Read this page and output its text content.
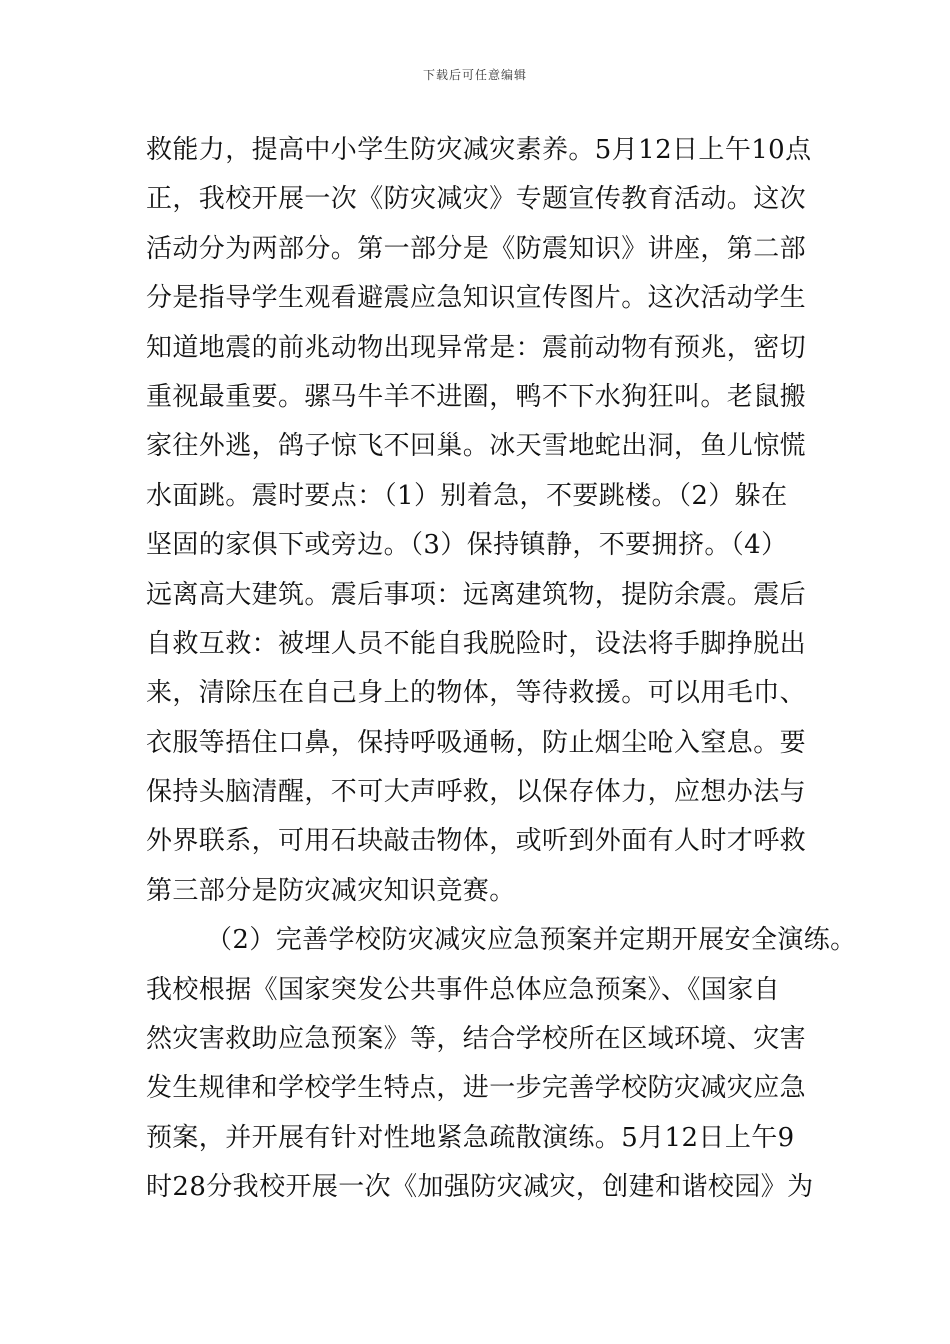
下载后可任意编辑
救能力，提高中小学生防灾减灾素养。5月12日上午10点
正，我校开展一次《防灾减灾》专题宣传教育活动。这次
活动分为两部分。第一部分是《防震知识》讲座，第二部
分是指导学生观看避震应急知识宣传图片。这次活动学生
知道地震的前兆动物出现异常是：震前动物有预兆，密切
重视最重要。骡马牛羊不进圈，鸭不下水狗狂叫。老鼠搬
家往外逃，鸽子惊飞不回巢。冰天雪地蛇出洞，鱼儿惊慌
水面跳。震时要点：（1）别着急，不要跳楼。（2）躲在
坚固的家俱下或旁边。（3）保持镇静，不要拥挤。（4）
远离高大建筑。震后事项：远离建筑物，提防余震。震后
自救互救：被埋人员不能自我脱险时，设法将手脚挣脱出
来，清除压在自己身上的物体，等待救援。可以用毛巾、
衣服等捂住口鼻，保持呼吸通畅，防止烟尘呛入窒息。要
保持头脑清醒，不可大声呼救，以保存体力，应想办法与
外界联系，可用石块敲击物体，或听到外面有人时才呼救
第三部分是防灾减灾知识竞赛。
（2）完善学校防灾减灾应急预案并定期开展安全演练。
我校根据《国家突发公共事件总体应急预案》、《国家自
然灾害救助应急预案》等，结合学校所在区域环境、灾害
发生规律和学校学生特点，进一步完善学校防灾减灾应急
预案，并开展有针对性地紧急疏散演练。5月12日上午9
时28分我校开展一次《加强防灾减灾，创建和谐校园》为
